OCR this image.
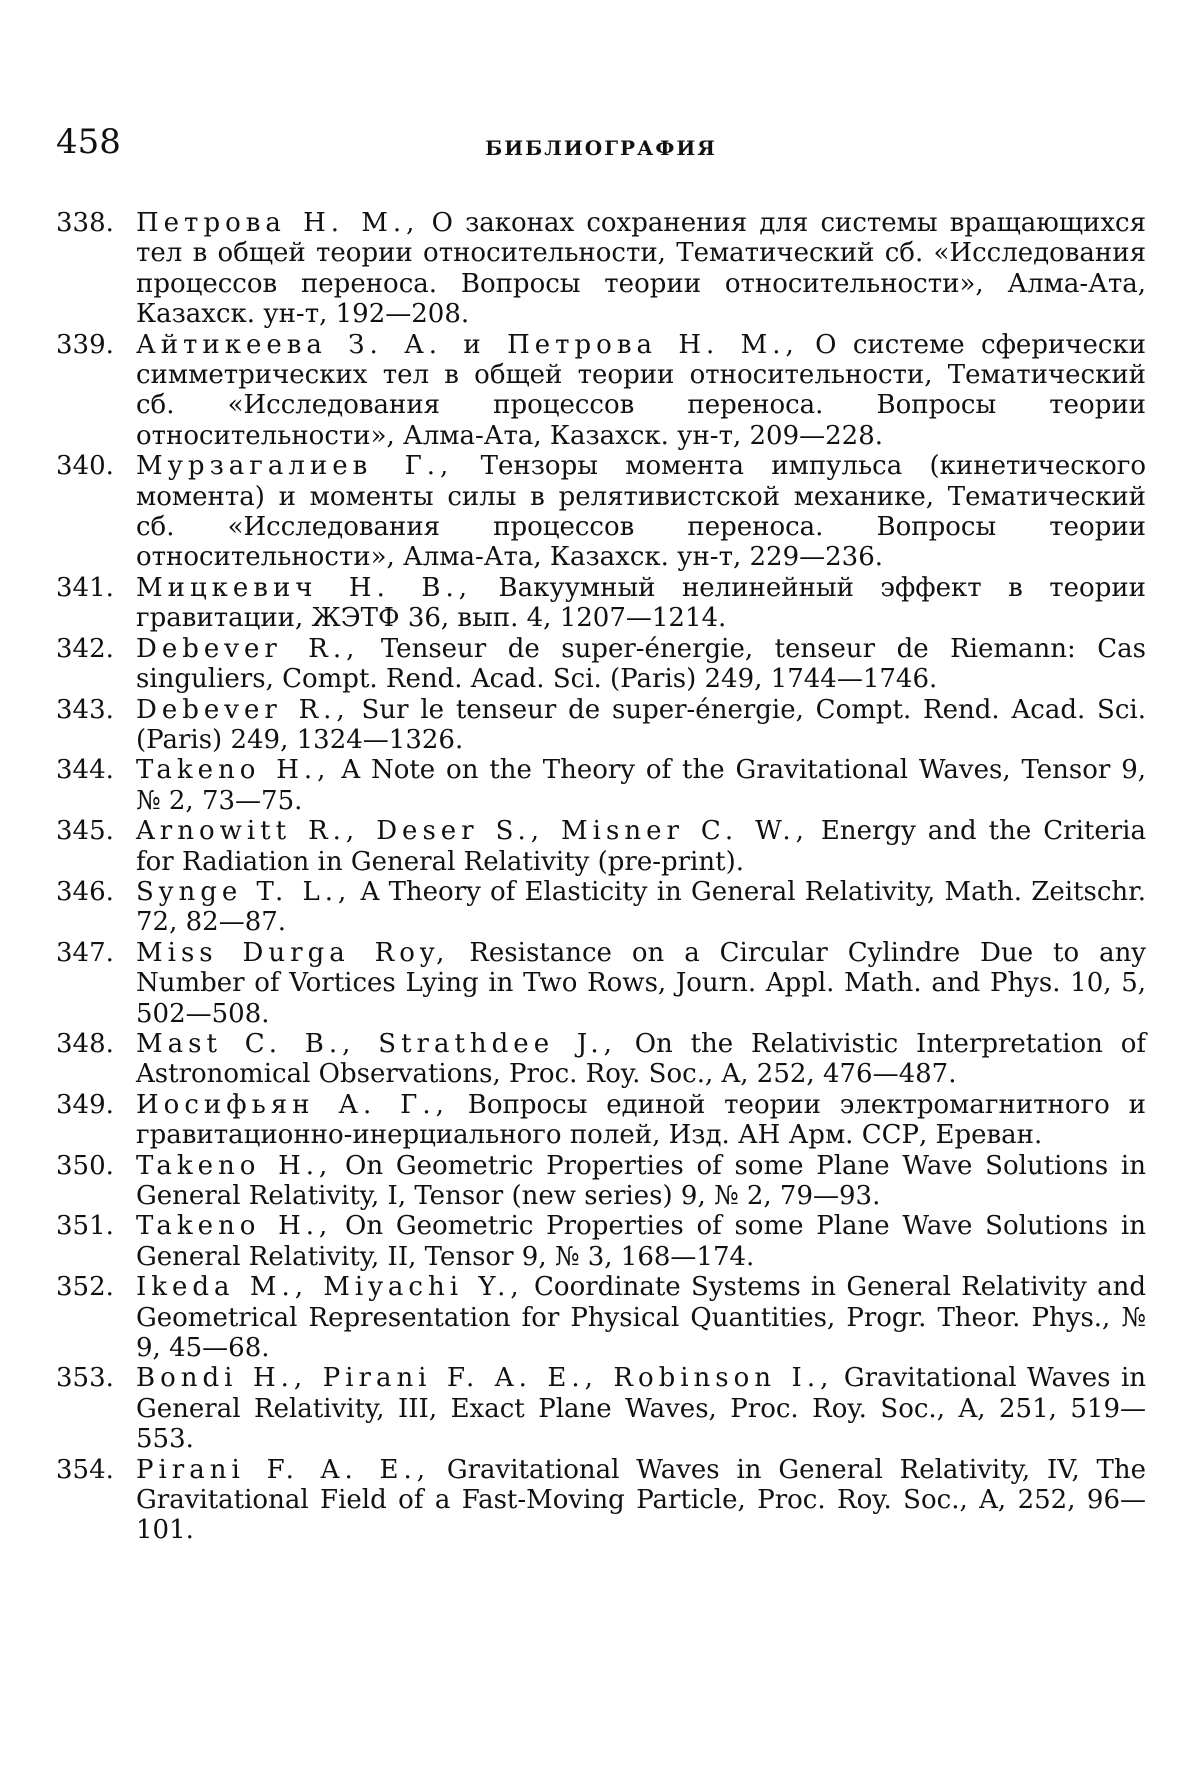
458	БИБЛИОГРАФИЯ
338. Петрова Н. М., О законах сохранения для системы вращающихся тел в общей теории относительности, Тематический сб. «Исследования процессов переноса. Вопросы теории относительности», Алма-Ата, Казахск. ун-т, 192—208.
339. Айтикеева З. А. и Петрова Н. М., О системе сферически симметрических тел в общей теории относительности, Тематический сб. «Исследования процессов переноса. Вопросы теории относительности», Алма-Ата, Казахск. ун-т, 209—228.
340. Мурзагалиев Г., Тензоры момента импульса (кинетического момента) и моменты силы в релятивистской механике, Тематический сб. «Исследования процессов переноса. Вопросы теории относительности», Алма-Ата, Казахск. ун-т, 229—236.
341. Мицкевич Н. В., Вакуумный нелинейный эффект в теории гравитации, ЖЭТФ 36, вып. 4, 1207—1214.
342. Debever R., Tenseur de super-énergie, tenseur de Riemann: Cas singuliers, Compt. Rend. Acad. Sci. (Paris) 249, 1744—1746.
343. Debever R., Sur le tenseur de super-énergie, Compt. Rend. Acad. Sci. (Paris) 249, 1324—1326.
344. Takeno H., A Note on the Theory of the Gravitational Waves, Tensor 9, № 2, 73—75.
345. Arnowitt R., Deser S., Misner C. W., Energy and the Criteria for Radiation in General Relativity (pre-print).
346. Synge T. L., A Theory of Elasticity in General Relativity, Math. Zeitschr. 72, 82—87.
347. Miss Durga Roy, Resistance on a Circular Cylindre Due to any Number of Vortices Lying in Two Rows, Journ. Appl. Math. and Phys. 10, 5, 502—508.
348. Mast C. B., Strathdee J., On the Relativistic Interpretation of Astronomical Observations, Proc. Roy. Soc., A, 252, 476—487.
349. Иосифьян А. Г., Вопросы единой теории электромагнитного и гравитационно-инерциального полей, Изд. АН Арм. ССР, Ереван.
350. Takeno H., On Geometric Properties of some Plane Wave Solutions in General Relativity, I, Tensor (new series) 9, № 2, 79—93.
351. Takeno H., On Geometric Properties of some Plane Wave Solutions in General Relativity, II, Tensor 9, № 3, 168—174.
352. Ikeda M., Miyachi Y., Coordinate Systems in General Relativity and Geometrical Representation for Physical Quantities, Progr. Theor. Phys., № 9, 45—68.
353. Bondi H., Pirani F. A. E., Robinson I., Gravitational Waves in General Relativity, III, Exact Plane Waves, Proc. Roy. Soc., A, 251, 519—553.
354. Pirani F. A. E., Gravitational Waves in General Relativity, IV, The Gravitational Field of a Fast-Moving Particle, Proc. Roy. Soc., A, 252, 96—101.
